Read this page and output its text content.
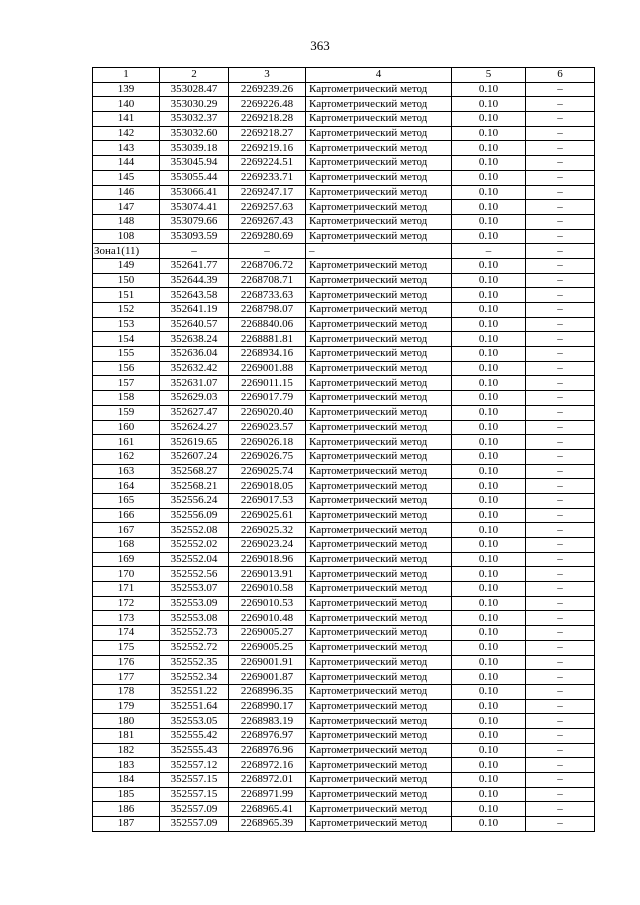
363
1	2	3	4	5	6
139	353028.47	2269239.26	Картометрический метод	0.10	–
140	353030.29	2269226.48	Картометрический метод	0.10	–
141	353032.37	2269218.28	Картометрический метод	0.10	–
142	353032.60	2269218.27	Картометрический метод	0.10	–
143	353039.18	2269219.16	Картометрический метод	0.10	–
144	353045.94	2269224.51	Картометрический метод	0.10	–
145	353055.44	2269233.71	Картометрический метод	0.10	–
146	353066.41	2269247.17	Картометрический метод	0.10	–
147	353074.41	2269257.63	Картометрический метод	0.10	–
148	353079.66	2269267.43	Картометрический метод	0.10	–
108	353093.59	2269280.69	Картометрический метод	0.10	–
Зона1(11)	–	–	–	–	–
149	352641.77	2268706.72	Картометрический метод	0.10	–
150	352644.39	2268708.71	Картометрический метод	0.10	–
151	352643.58	2268733.63	Картометрический метод	0.10	–
152	352641.19	2268798.07	Картометрический метод	0.10	–
153	352640.57	2268840.06	Картометрический метод	0.10	–
154	352638.24	2268881.81	Картометрический метод	0.10	–
155	352636.04	2268934.16	Картометрический метод	0.10	–
156	352632.42	2269001.88	Картометрический метод	0.10	–
157	352631.07	2269011.15	Картометрический метод	0.10	–
158	352629.03	2269017.79	Картометрический метод	0.10	–
159	352627.47	2269020.40	Картометрический метод	0.10	–
160	352624.27	2269023.57	Картометрический метод	0.10	–
161	352619.65	2269026.18	Картометрический метод	0.10	–
162	352607.24	2269026.75	Картометрический метод	0.10	–
163	352568.27	2269025.74	Картометрический метод	0.10	–
164	352568.21	2269018.05	Картометрический метод	0.10	–
165	352556.24	2269017.53	Картометрический метод	0.10	–
166	352556.09	2269025.61	Картометрический метод	0.10	–
167	352552.08	2269025.32	Картометрический метод	0.10	–
168	352552.02	2269023.24	Картометрический метод	0.10	–
169	352552.04	2269018.96	Картометрический метод	0.10	–
170	352552.56	2269013.91	Картометрический метод	0.10	–
171	352553.07	2269010.58	Картометрический метод	0.10	–
172	352553.09	2269010.53	Картометрический метод	0.10	–
173	352553.08	2269010.48	Картометрический метод	0.10	–
174	352552.73	2269005.27	Картометрический метод	0.10	–
175	352552.72	2269005.25	Картометрический метод	0.10	–
176	352552.35	2269001.91	Картометрический метод	0.10	–
177	352552.34	2269001.87	Картометрический метод	0.10	–
178	352551.22	2268996.35	Картометрический метод	0.10	–
179	352551.64	2268990.17	Картометрический метод	0.10	–
180	352553.05	2268983.19	Картометрический метод	0.10	–
181	352555.42	2268976.97	Картометрический метод	0.10	–
182	352555.43	2268976.96	Картометрический метод	0.10	–
183	352557.12	2268972.16	Картометрический метод	0.10	–
184	352557.15	2268972.01	Картометрический метод	0.10	–
185	352557.15	2268971.99	Картометрический метод	0.10	–
186	352557.09	2268965.41	Картометрический метод	0.10	–
187	352557.09	2268965.39	Картометрический метод	0.10	–
